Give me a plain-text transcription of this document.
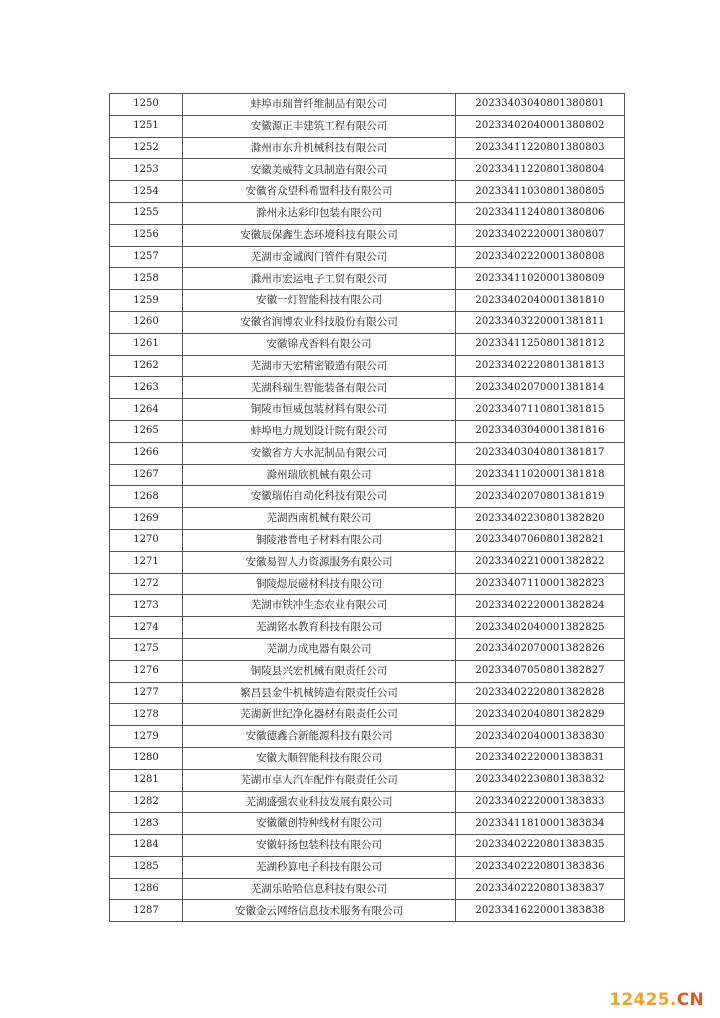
1250	蚌埠市瑞普纤维制品有限公司	20233403040801380801
1251	安徽源正丰建筑工程有限公司	20233402040001380802
1252	滁州市东升机械科技有限公司	20233411220801380803
1253	安徽美威特文具制造有限公司	20233411220801380804
1254	安徽省众望科希盟科技有限公司	20233411030801380805
1255	滁州永达彩印包装有限公司	20233411240801380806
1256	安徽辰保鑫生态环境科技有限公司	20233402220001380807
1257	芜湖市金诚阀门管件有限公司	20233402220001380808
1258	滁州市宏运电子工贸有限公司	20233411020001380809
1259	安徽一灯智能科技有限公司	20233402040001381810
1260	安徽省润博农业科技股份有限公司	20233403220001381811
1261	安徽锦戎香料有限公司	20233411250801381812
1262	芜湖市天宏精密锻造有限公司	20233402220801381813
1263	芜湖科瑞生智能装备有限公司	20233402070001381814
1264	铜陵市恒威包装材料有限公司	20233407110801381815
1265	蚌埠电力规划设计院有限公司	20233403040001381816
1266	安徽省方大水泥制品有限公司	20233403040801381817
1267	滁州瑞欣机械有限公司	20233411020001381818
1268	安徽瑞佑自动化科技有限公司	20233402070801381819
1269	芜湖西南机械有限公司	20233402230801382820
1270	铜陵港普电子材料有限公司	20233407060801382821
1271	安徽易智人力资源服务有限公司	20233402210001382822
1272	铜陵煜辰磁材科技有限公司	20233407110001382823
1273	芜湖市铁冲生态农业有限公司	20233402220001382824
1274	芜湖铭水教育科技有限公司	20233402040001382825
1275	芜湖力成电器有限公司	20233402070001382826
1276	铜陵县兴宏机械有限责任公司	20233407050801382827
1277	繁昌县金牛机械铸造有限责任公司	20233402220801382828
1278	芜湖新世纪净化器材有限责任公司	20233402040801382829
1279	安徽德鑫合新能源科技有限公司	20233402040001383830
1280	安徽大顺智能科技有限公司	20233402220001383831
1281	芜湖市卓人汽车配件有限责任公司	20233402230801383832
1282	芜湖盛强农业科技发展有限公司	20233402220001383833
1283	安徽徽创特种线材有限公司	20233411810001383834
1284	安徽轩扬包装科技有限公司	20233402220801383835
1285	芜湖秒算电子科技有限公司	20233402220801383836
1286	芜湖乐哈哈信息科技有限公司	20233402220801383837
1287	安徽金云网络信息技术服务有限公司	20233416220001383838
12425.CN
